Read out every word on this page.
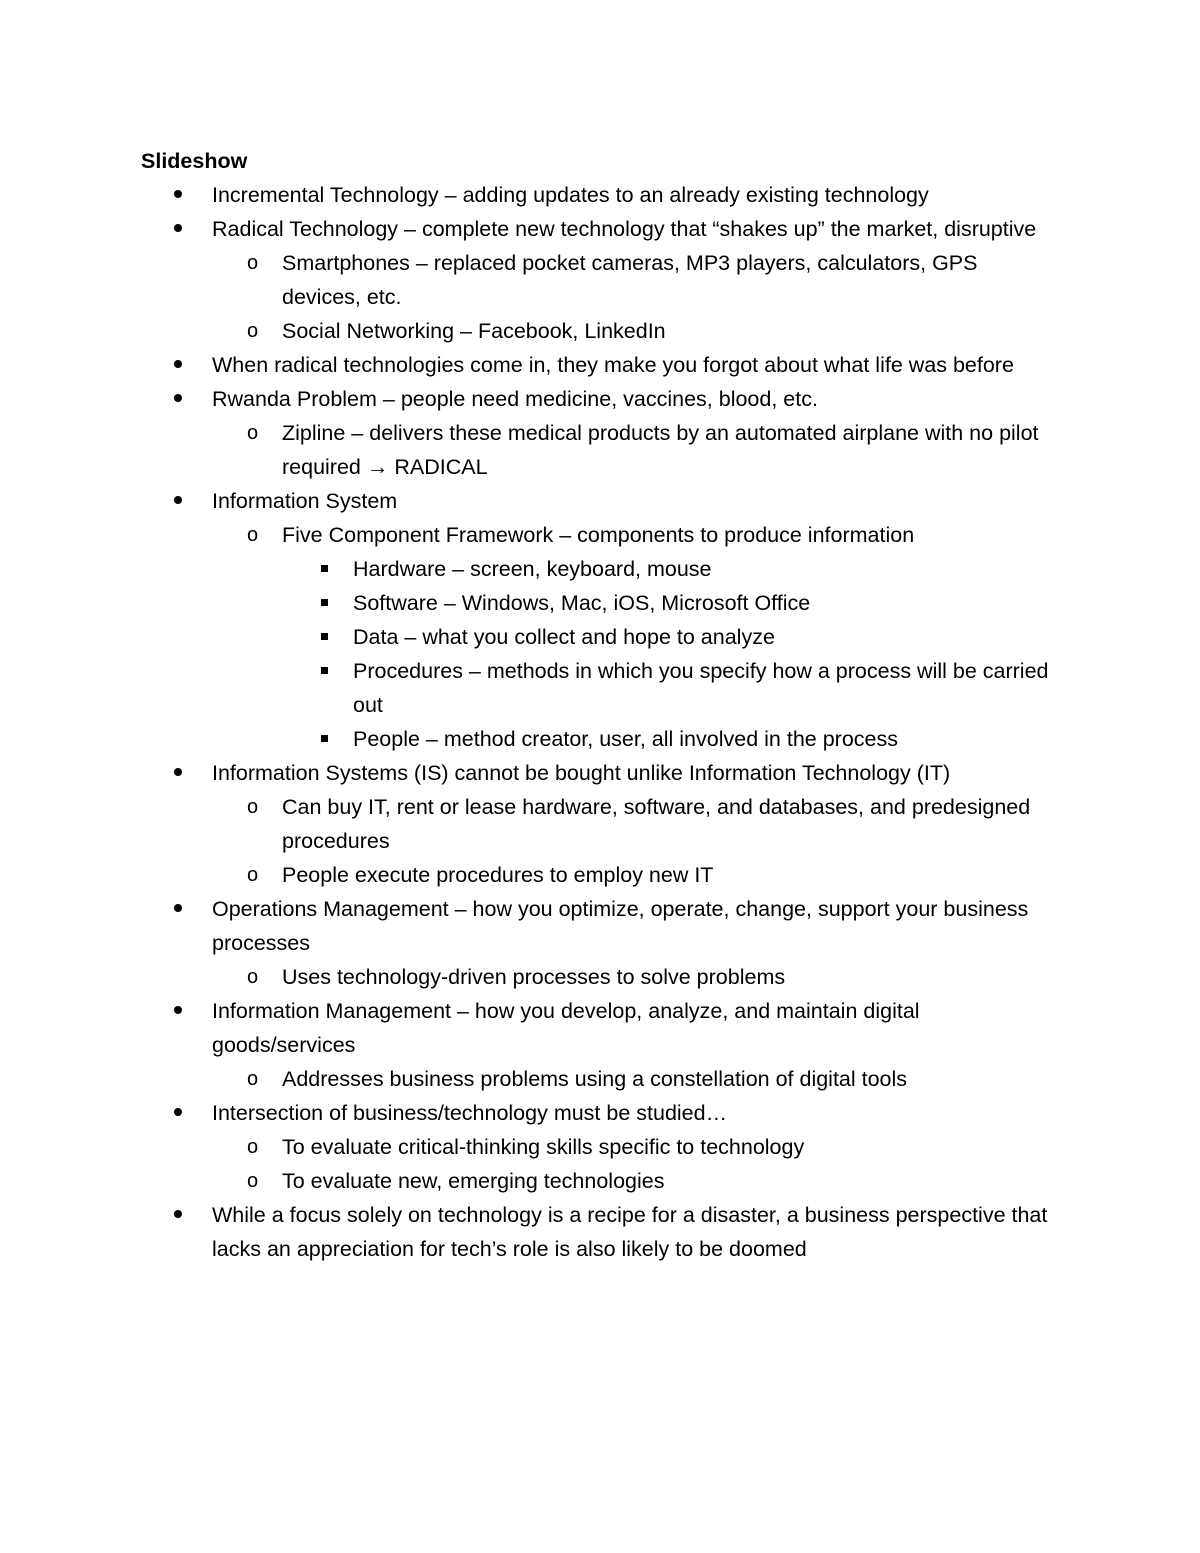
Slideshow
Incremental Technology – adding updates to an already existing technology
Radical Technology – complete new technology that “shakes up” the market, disruptive
o Smartphones – replaced pocket cameras, MP3 players, calculators, GPS devices, etc.
o Social Networking – Facebook, LinkedIn
When radical technologies come in, they make you forgot about what life was before
Rwanda Problem – people need medicine, vaccines, blood, etc.
o Zipline – delivers these medical products by an automated airplane with no pilot required → RADICAL
Information System
o Five Component Framework – components to produce information
Hardware – screen, keyboard, mouse
Software – Windows, Mac, iOS, Microsoft Office
Data – what you collect and hope to analyze
Procedures – methods in which you specify how a process will be carried out
People – method creator, user, all involved in the process
Information Systems (IS) cannot be bought unlike Information Technology (IT)
o Can buy IT, rent or lease hardware, software, and databases, and predesigned procedures
o People execute procedures to employ new IT
Operations Management – how you optimize, operate, change, support your business processes
o Uses technology-driven processes to solve problems
Information Management – how you develop, analyze, and maintain digital goods/services
o Addresses business problems using a constellation of digital tools
Intersection of business/technology must be studied…
o To evaluate critical-thinking skills specific to technology
o To evaluate new, emerging technologies
While a focus solely on technology is a recipe for a disaster, a business perspective that lacks an appreciation for tech’s role is also likely to be doomed
